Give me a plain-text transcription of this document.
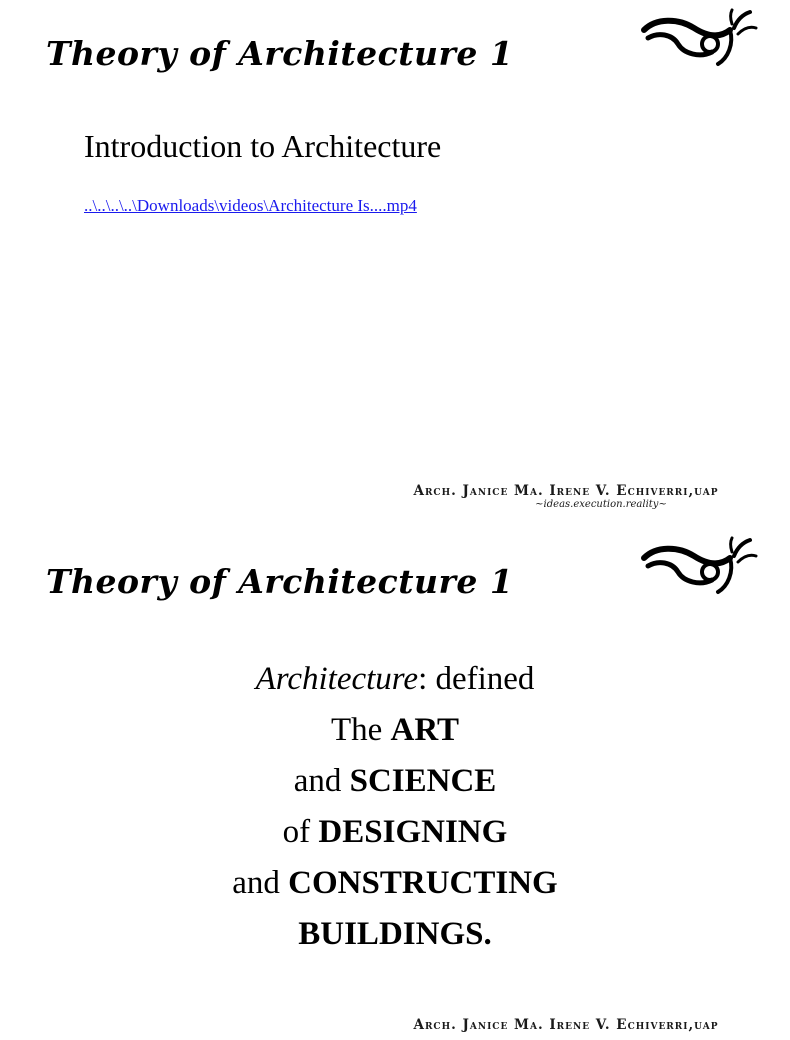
Theory of Architecture 1
Introduction to Architecture
..\..\..\..\Downloads\videos\Architecture Is....mp4
Arch. Janice Ma. Irene V. Echiverri,uap
~ideas.execution.reality~
Theory of Architecture 1
Architecture: defined
The ART
and SCIENCE
of DESIGNING
and CONSTRUCTING
BUILDINGS.
Arch. Janice Ma. Irene V. Echiverri,uap
